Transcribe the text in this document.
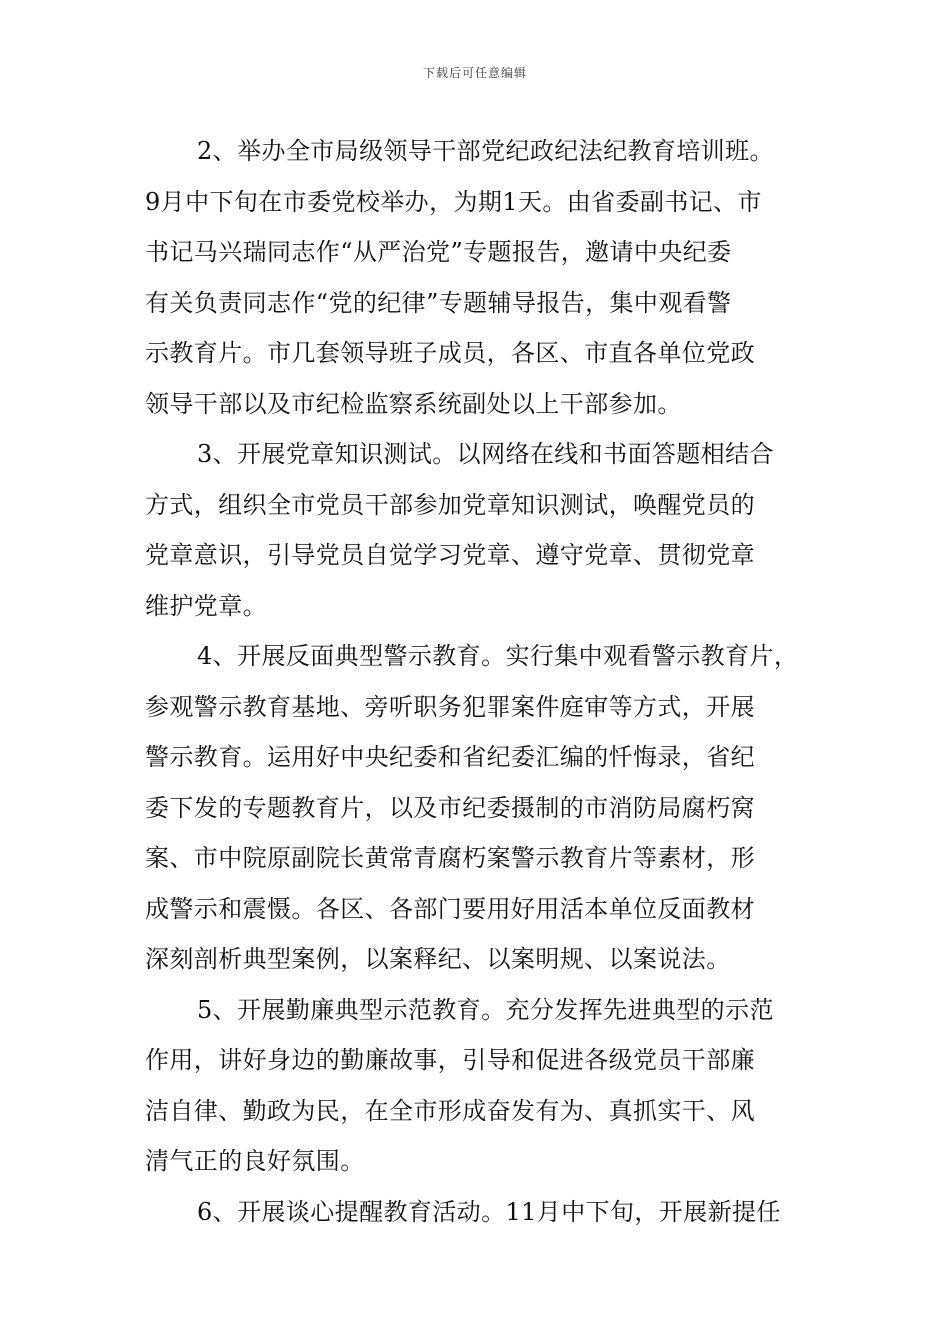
下载后可任意编辑
2、举办全市局级领导干部党纪政纪法纪教育培训班。
9月中下旬在市委党校举办，为期1天。由省委副书记、市
书记马兴瑞同志作“从严治党”专题报告，邀请中央纪委
有关负责同志作“党的纪律”专题辅导报告，集中观看警
示教育片。市几套领导班子成员，各区、市直各单位党政
领导干部以及市纪检监察系统副处以上干部参加。
3、开展党章知识测试。以网络在线和书面答题相结合
方式，组织全市党员干部参加党章知识测试，唤醒党员的
党章意识，引导党员自觉学习党章、遵守党章、贯彻党章
维护党章。
4、开展反面典型警示教育。实行集中观看警示教育片，
参观警示教育基地、旁听职务犯罪案件庭审等方式，开展
警示教育。运用好中央纪委和省纪委汇编的忏悔录，省纪
委下发的专题教育片，以及市纪委摄制的市消防局腐朽窝
案、市中院原副院长黄常青腐朽案警示教育片等素材，形
成警示和震慑。各区、各部门要用好用活本单位反面教材
深刻剖析典型案例，以案释纪、以案明规、以案说法。
5、开展勤廉典型示范教育。充分发挥先进典型的示范
作用，讲好身边的勤廉故事，引导和促进各级党员干部廉
洁自律、勤政为民，在全市形成奋发有为、真抓实干、风
清气正的良好氛围。
6、开展谈心提醒教育活动。11月中下旬，开展新提任
